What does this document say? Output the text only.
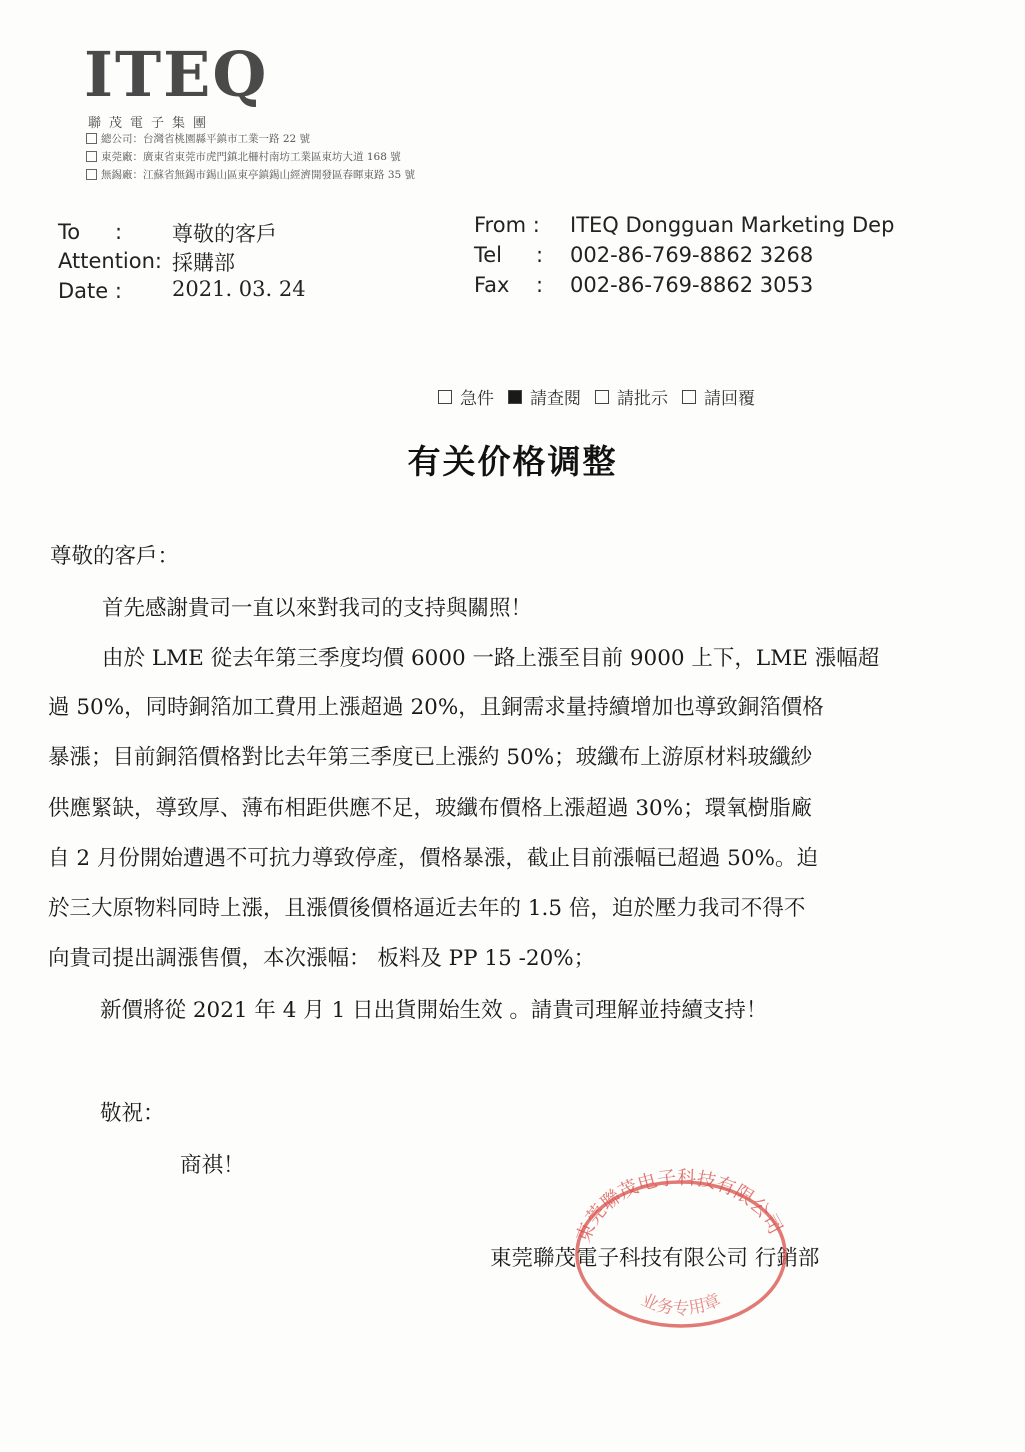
ITEQ
聯茂電子集團
總公司：台灣省桃園縣平鎮市工業一路 22 號
東莞廠：廣東省東莞市虎門鎮北柵村南坊工業區東坊大道 168 號
無錫廠：江蘇省無錫市錫山區東亭鎮錫山經濟開發區春暉東路 35 號
To : 尊敬的客戶
Attention: 採購部
Date : 2021. 03. 24
From : ITEQ Dongguan Marketing Dep
Tel : 002-86-769-8862 3268
Fax : 002-86-769-8862 3053
急件 請查閱 請批示 請回覆
有关价格调整
尊敬的客戶：
首先感謝貴司一直以來對我司的支持與關照！
由於 LME 從去年第三季度均價 6000 一路上漲至目前 9000 上下，LME 漲幅超
過 50%，同時銅箔加工費用上漲超過 20%，且銅需求量持續增加也導致銅箔價格
暴漲；目前銅箔價格對比去年第三季度已上漲約 50%；玻纖布上游原材料玻纖紗
供應緊缺，導致厚、薄布相距供應不足，玻纖布價格上漲超過 30%；環氧樹脂廠
自 2 月份開始遭遇不可抗力導致停產，價格暴漲，截止目前漲幅已超過 50%。迫
於三大原物料同時上漲，且漲價後價格逼近去年的 1.5 倍，迫於壓力我司不得不
向貴司提出調漲售價，本次漲幅： 板料及 PP 15 -20%；
新價將從 2021 年 4 月 1 日出貨開始生效 。請貴司理解並持續支持！
敬祝：
商祺！
東莞聯茂電子科技有限公司 行銷部
東莞聯茂电子科技有限公司
业务专用章
